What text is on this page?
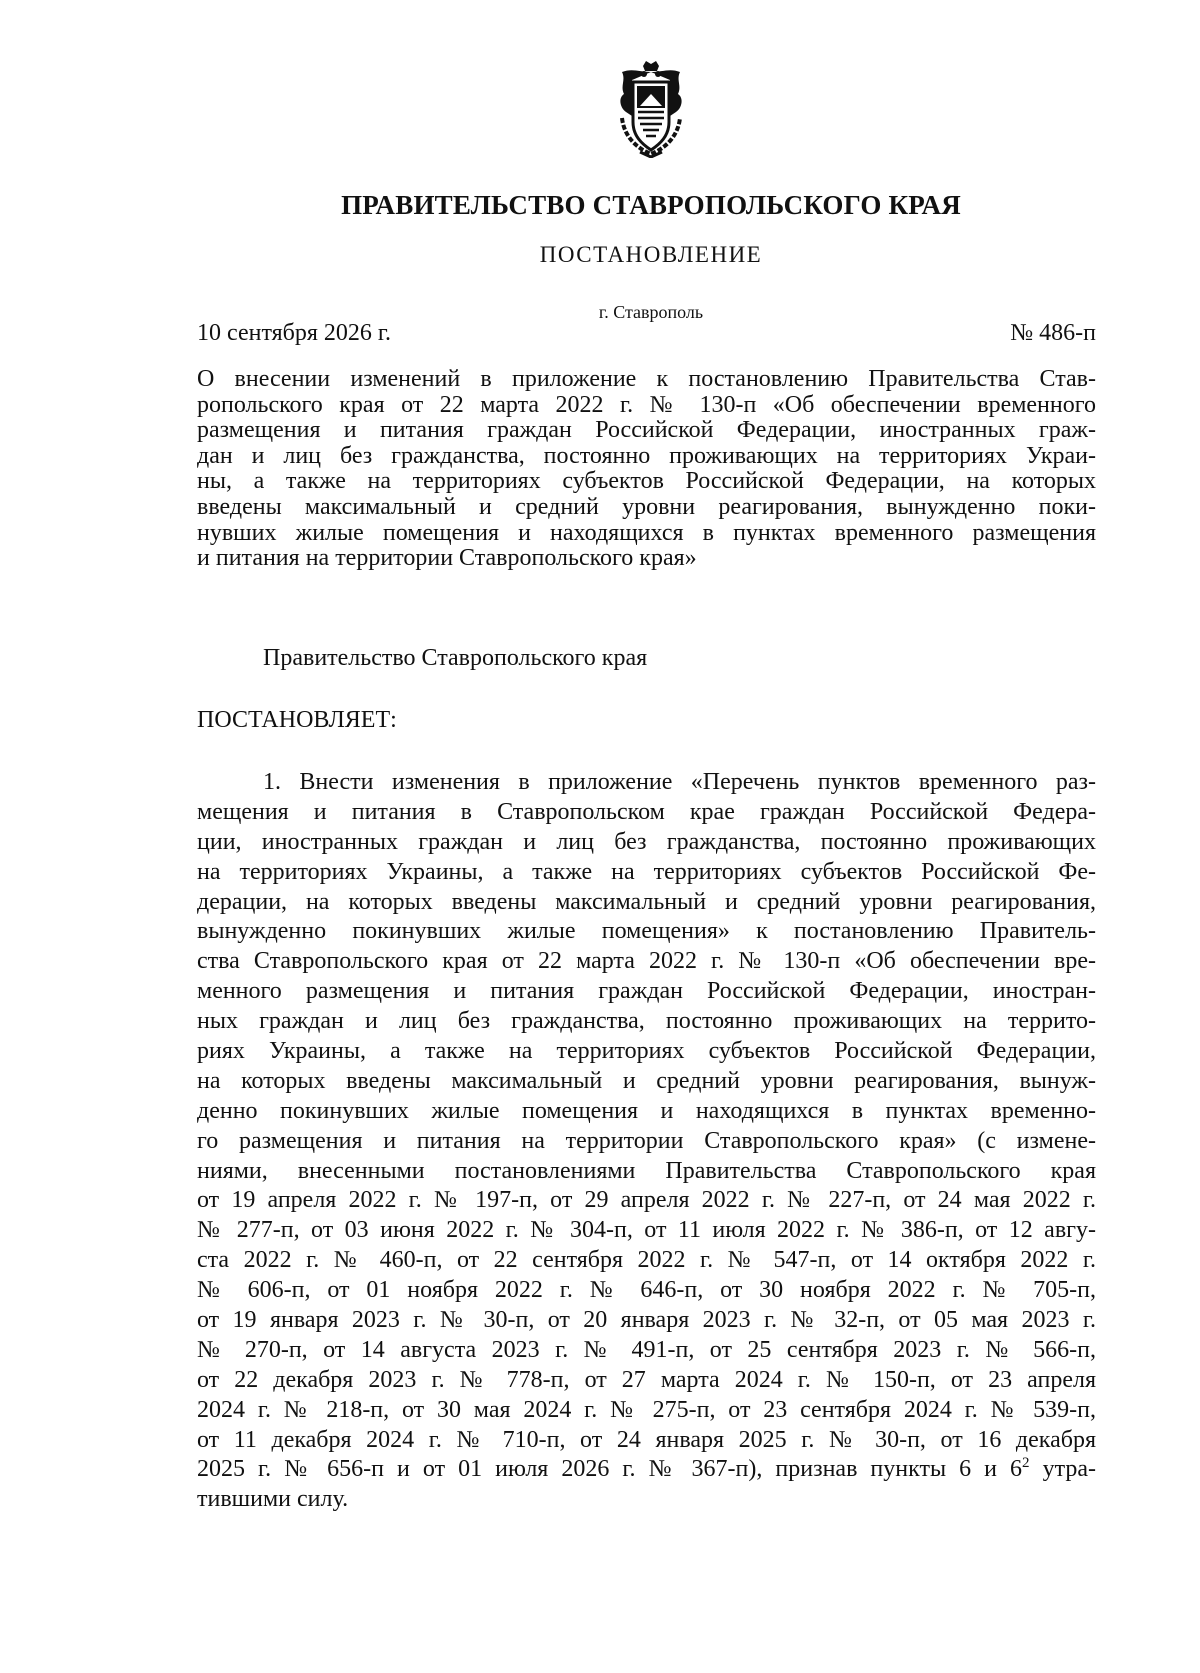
ПРАВИТЕЛЬСТВО СТАВРОПОЛЬСКОГО КРАЯ
ПОСТАНОВЛЕНИЕ
г. Ставрополь
10 сентября 2026 г.	№ 486-п
О внесении изменений в приложение к постановлению Правительства Став-
ропольского края от 22 марта 2022 г. № 130-п «Об обеспечении временного
размещения и питания граждан Российской Федерации, иностранных граж-
дан и лиц без гражданства, постоянно проживающих на территориях Украи-
ны, а также на территориях субъектов Российской Федерации, на которых
введены максимальный и средний уровни реагирования, вынужденно поки-
нувших жилые помещения и находящихся в пунктах временного размещения
и питания на территории Ставропольского края»
Правительство Ставропольского края
ПОСТАНОВЛЯЕТ:
1. Внести изменения в приложение «Перечень пунктов временного раз-
мещения и питания в Ставропольском крае граждан Российской Федера-
ции, иностранных граждан и лиц без гражданства, постоянно проживающих
на территориях Украины, а также на территориях субъектов Российской Фе-
дерации, на которых введены максимальный и средний уровни реагирования,
вынужденно покинувших жилые помещения» к постановлению Правитель-
ства Ставропольского края от 22 марта 2022 г. № 130-п «Об обеспечении вре-
менного размещения и питания граждан Российской Федерации, иностран-
ных граждан и лиц без гражданства, постоянно проживающих на террито-
риях Украины, а также на территориях субъектов Российской Федерации,
на которых введены максимальный и средний уровни реагирования, вынуж-
денно покинувших жилые помещения и находящихся в пунктах временно-
го размещения и питания на территории Ставропольского края» (с измене-
ниями, внесенными постановлениями Правительства Ставропольского края
от 19 апреля 2022 г. № 197-п, от 29 апреля 2022 г. № 227-п, от 24 мая 2022 г.
№ 277-п, от 03 июня 2022 г. № 304-п, от 11 июля 2022 г. № 386-п, от 12 авгу-
ста 2022 г. № 460-п, от 22 сентября 2022 г. № 547-п, от 14 октября 2022 г.
№ 606-п, от 01 ноября 2022 г. № 646-п, от 30 ноября 2022 г. № 705-п,
от 19 января 2023 г. № 30-п, от 20 января 2023 г. № 32-п, от 05 мая 2023 г.
№ 270-п, от 14 августа 2023 г. № 491-п, от 25 сентября 2023 г. № 566-п,
от 22 декабря 2023 г. № 778-п, от 27 марта 2024 г. № 150-п, от 23 апреля
2024 г. № 218-п, от 30 мая 2024 г. № 275-п, от 23 сентября 2024 г. № 539-п,
от 11 декабря 2024 г. № 710-п, от 24 января 2025 г. № 30-п, от 16 декабря
2025 г. № 656-п и от 01 июля 2026 г. № 367-п), признав пункты 6 и $6^2$ утра-
тившими силу.
